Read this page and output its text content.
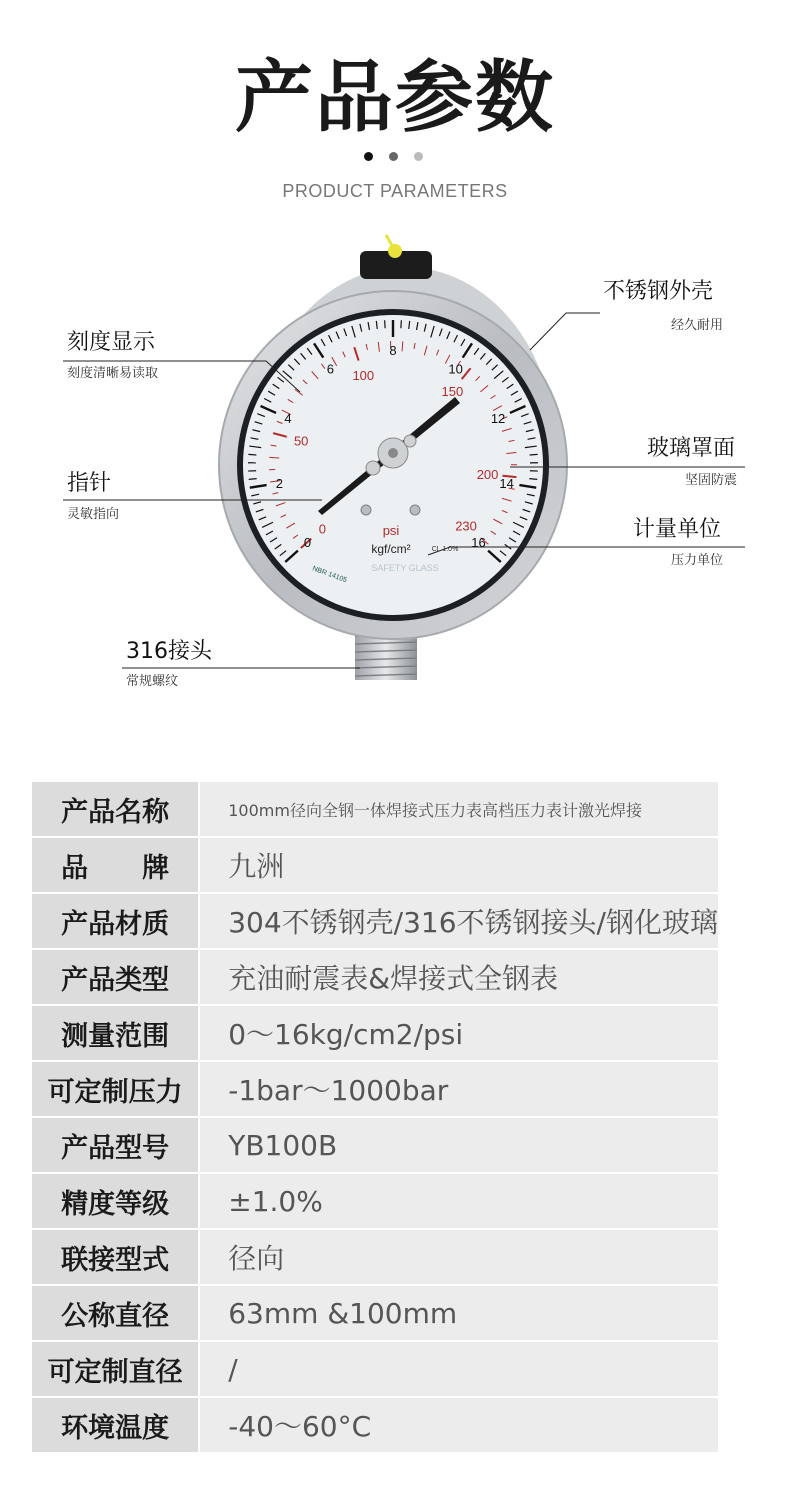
产品参数
PRODUCT PARAMETERS
0
2
4
6
8
10
12
14
16
0
50
100
150
200
230
psi
kgf/cm²	CL 1.0%
NBR 14105	SAFETY GLASS
不锈钢外壳
经久耐用
刻度显示
刻度清晰易读取
玻璃罩面
坚固防震
指针
灵敏指向
计量单位
压力单位
316接头
常规螺纹
产品名称	100mm径向全钢一体焊接式压力表高档压力表计激光焊接
品　　牌	九洲
产品材质	304不锈钢壳/316不锈钢接头/钢化玻璃
产品类型	充油耐震表&焊接式全钢表
测量范围	0～16kg/cm2/psi
可定制压力	-1bar～1000bar
产品型号	YB100B
精度等级	±1.0%
联接型式	径向
公称直径	63mm &100mm
可定制直径	/
环境温度	-40～60°C
